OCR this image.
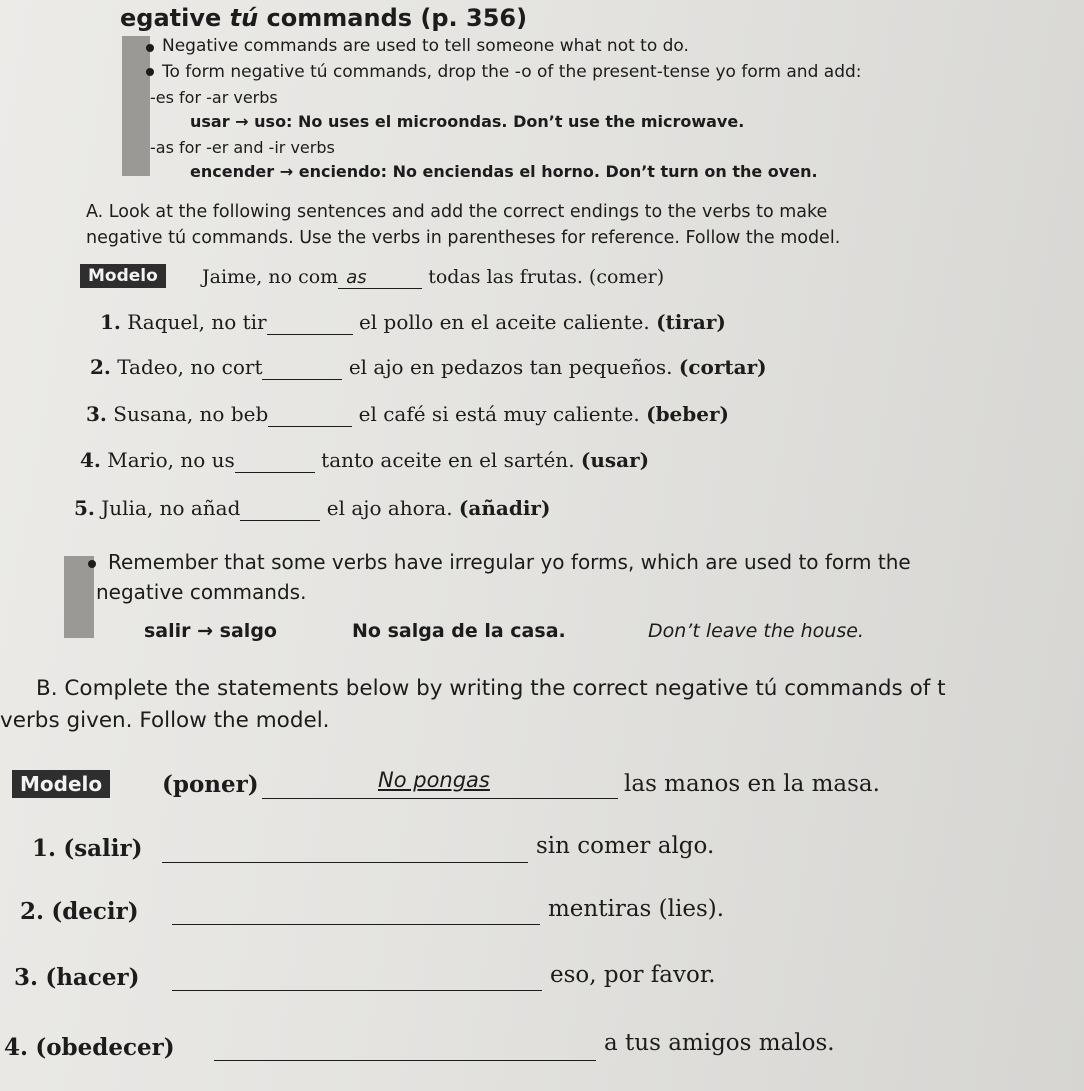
egative tú commands (p. 356)
Negative commands are used to tell someone what not to do.
To form negative tú commands, drop the -o of the present-tense yo form and add:
-es for -ar verbs
usar → uso: No uses el microondas. Don’t use the microwave.
-as for -er and -ir verbs
encender → enciendo: No enciendas el horno. Don’t turn on the oven.
A. Look at the following sentences and add the correct endings to the verbs to make
negative tú commands. Use the verbs in parentheses for reference. Follow the model.
Modelo	Jaime, no com as	todas las frutas. (comer)
1. Raquel, no tir	el pollo en el aceite caliente. (tirar)
2. Tadeo, no cort	el ajo en pedazos tan pequeños. (cortar)
3. Susana, no beb	el café si está muy caliente. (beber)
4. Mario, no us	tanto aceite en el sartén. (usar)
5. Julia, no añad	el ajo ahora. (añadir)
Remember that some verbs have irregular yo forms, which are used to form the
negative commands.
salir → salgo	No salga de la casa.	Don’t leave the house.
B. Complete the statements below by writing the correct negative tú commands of t
verbs given. Follow the model.
Modelo	(poner)	No pongas	las manos en la masa.
1. (salir)	sin comer algo.
2. (decir)	mentiras (lies).
3. (hacer)	eso, por favor.
4. (obedecer)	a tus amigos malos.
